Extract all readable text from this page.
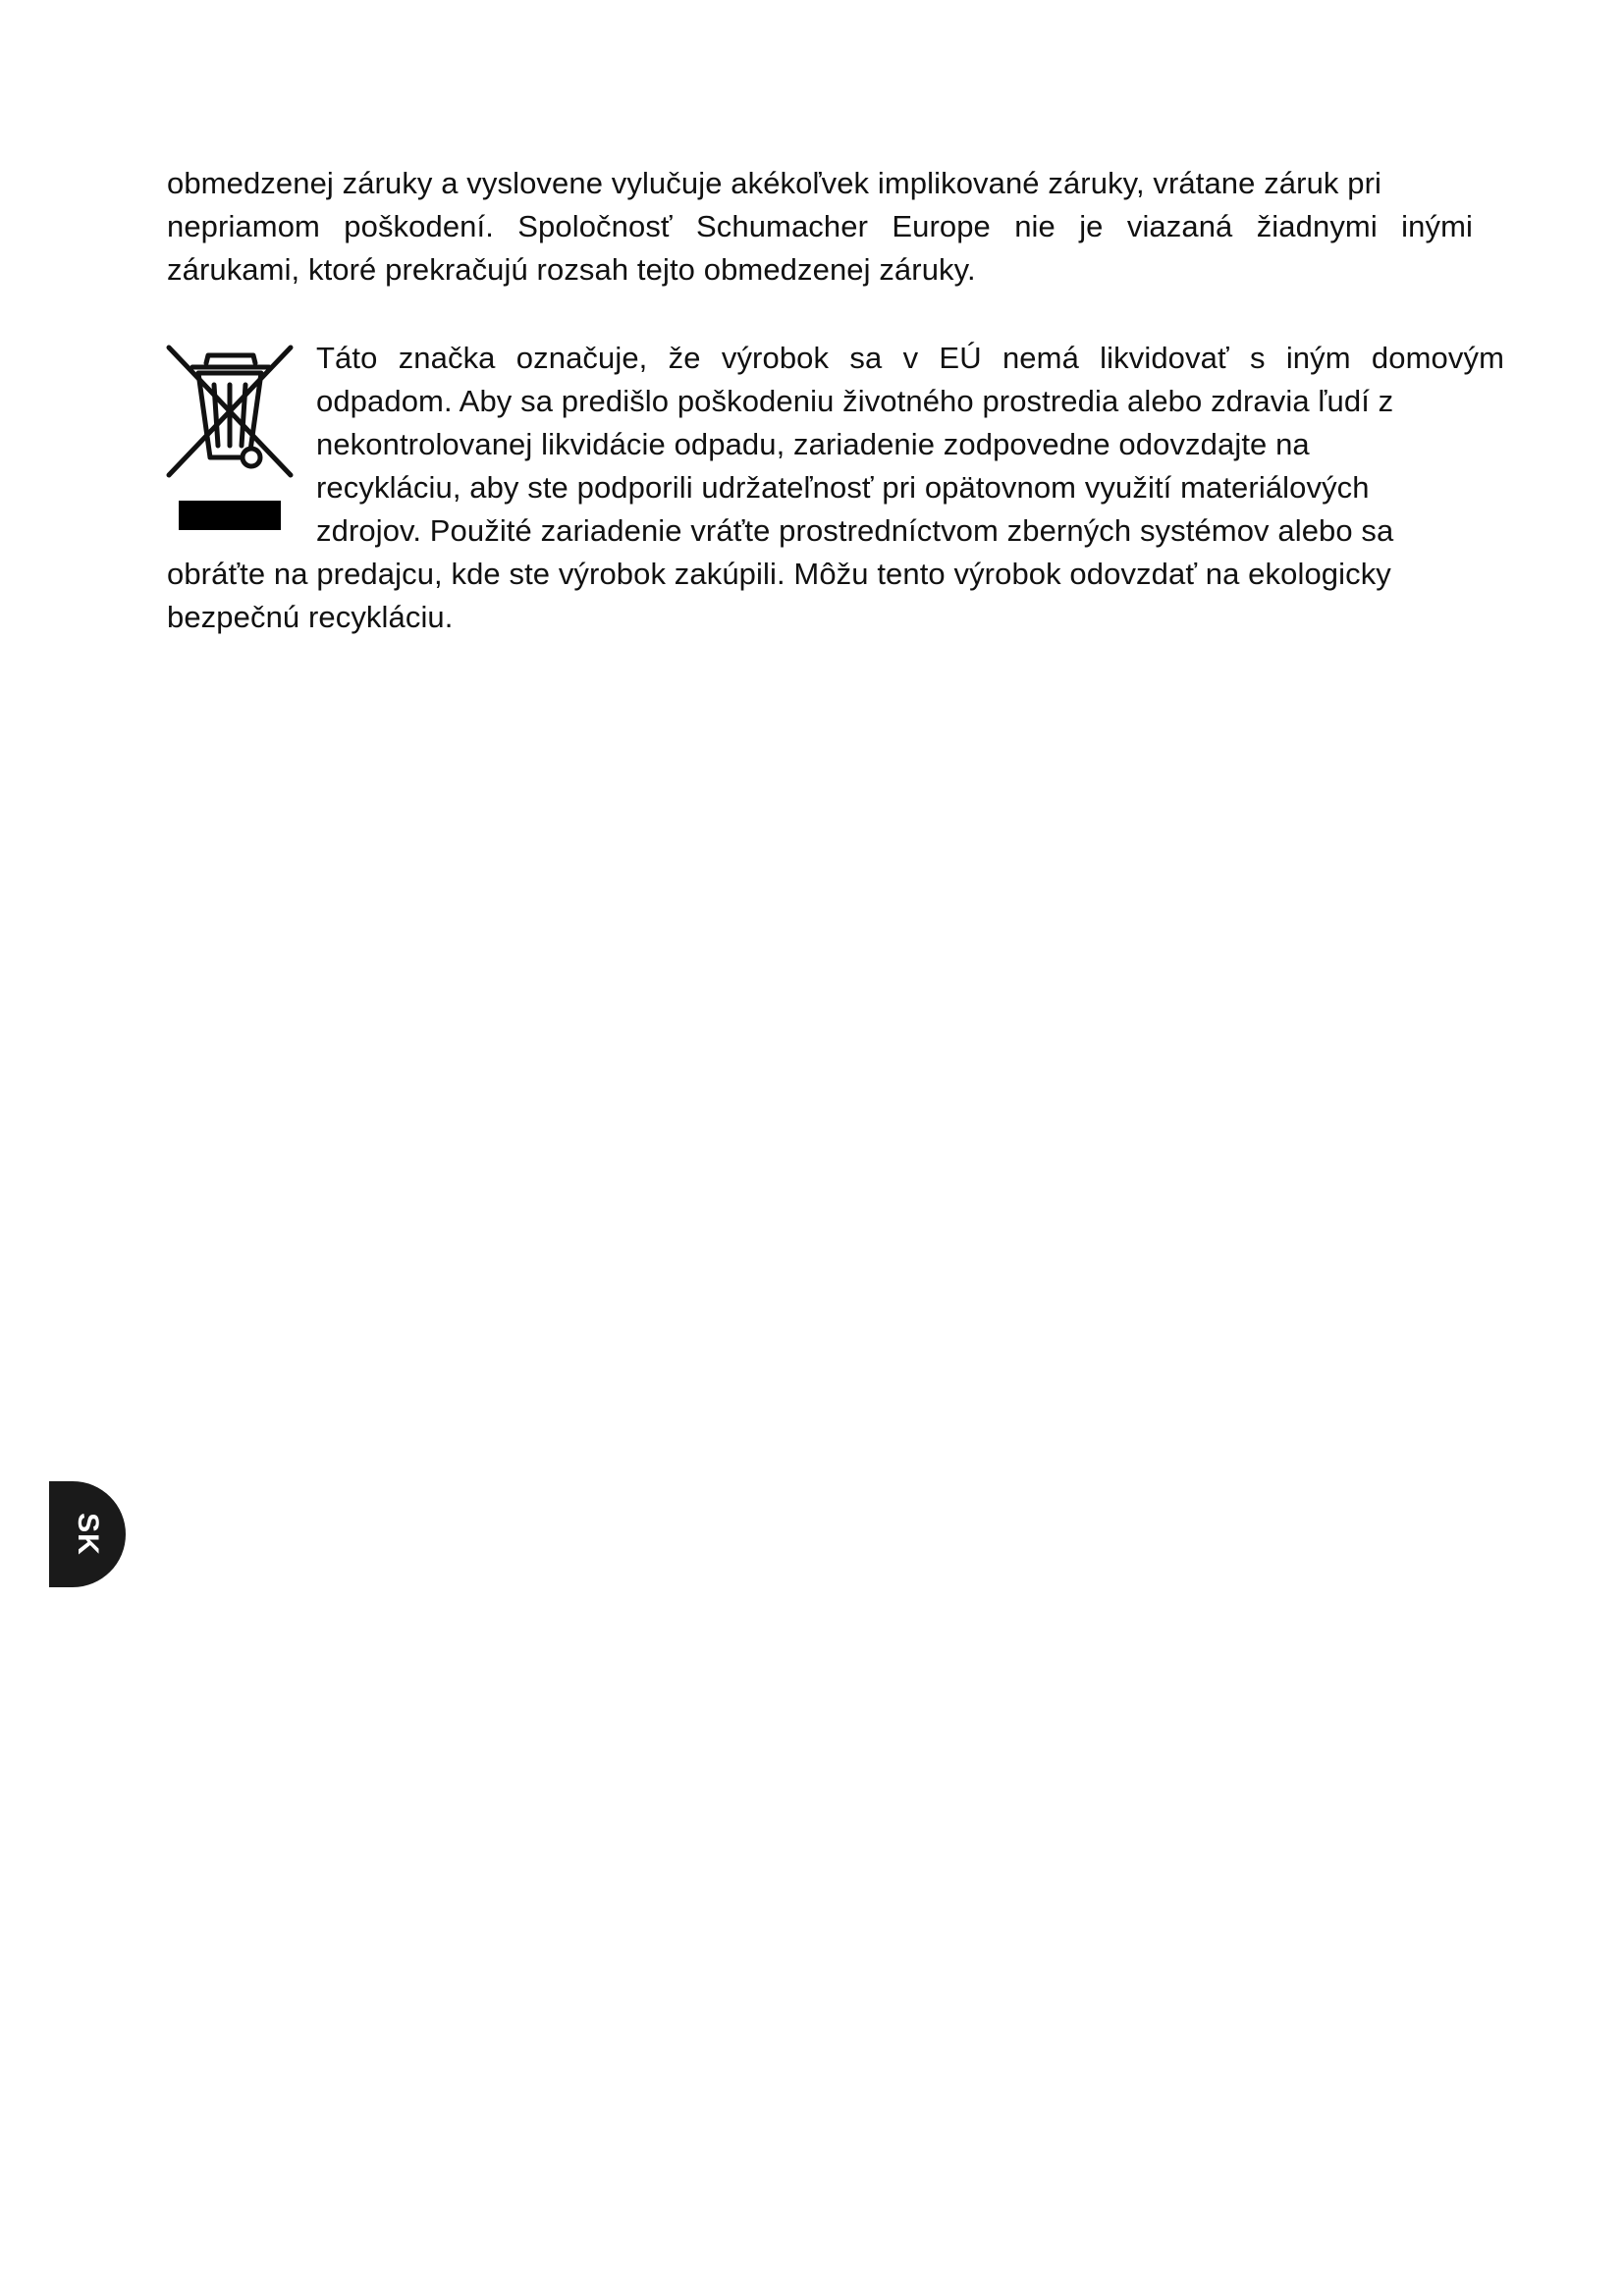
obmedzenej záruky a vyslovene vylučuje akékoľvek implikované záruky, vrátane záruk pri
nepriamom poškodení. Spoločnosť Schumacher Europe nie je viazaná žiadnymi inými
zárukami, ktoré prekračujú rozsah tejto obmedzenej záruky.
Táto značka označuje, že výrobok sa v EÚ nemá likvidovať s iným domovým
odpadom. Aby sa predišlo poškodeniu životného prostredia alebo zdravia ľudí z
nekontrolovanej likvidácie odpadu, zariadenie zodpovedne odovzdajte na
recykláciu, aby ste podporili udržateľnosť pri opätovnom využití materiálových
zdrojov. Použité zariadenie vráťte prostredníctvom zberných systémov alebo sa
obráťte na predajcu, kde ste výrobok zakúpili. Môžu tento výrobok odovzdať na ekologicky
bezpečnú recykláciu.
SK
